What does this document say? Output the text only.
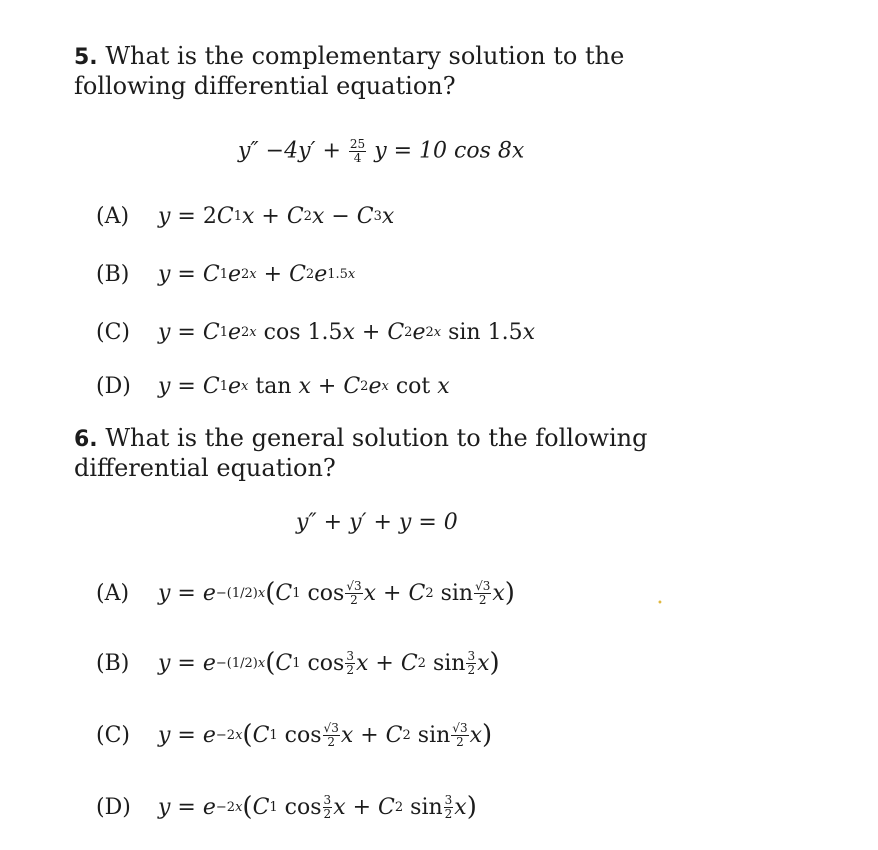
5. What is the complementary solution to the following differential equation?
$y'' -4y' + \frac{25}{4}$ y = 10 cos 8x
(A)	y = 2 C 1 x + C 2 x − C 3 x
(B)	y = C 1 e 2x + C 2 e 1.5x
(C)	y = C 1 e 2x cos 1.5 x + C 2 e 2x sin 1.5 x
(D)	y = C 1 e x tan x + C 2 e x cot x
6. What is the general solution to the following differential equation?
y″ + y′ + y = 0
(A)	y = e −(1/2)x ( C 1 $\cos \frac{√3}{2}$ x + C 2 $\sin \frac{√3}{2}$ x )
(B)	y = e −(1/2)x ( C 1 $\cos \frac{3}{2}$ x + C 2 $\sin \frac{3}{2}$ x )
(C)	y = e −2x ( C 1 $\cos \frac{√3}{2}$ x + C 2 $\sin \frac{√3}{2}$ x )
(D)	y = e −2x ( C 1 $\cos \frac{3}{2}$ x + C 2 $\sin \frac{3}{2}$ x )
•
